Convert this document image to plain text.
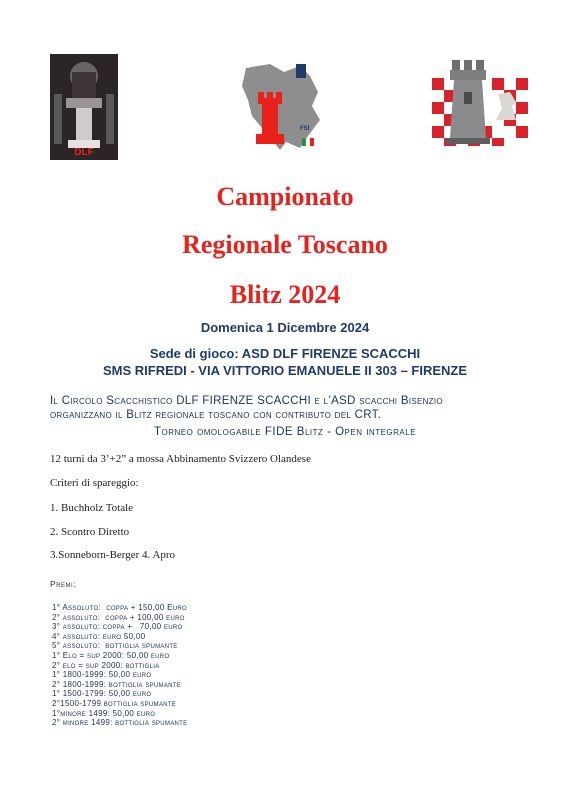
DLF
FSI
Campionato
Regionale Toscano
Blitz 2024
Domenica 1 Dicembre 2024
Sede di gioco: ASD DLF FIRENZE SCACCHI
SMS RIFREDI - VIA VITTORIO EMANUELE II 303 – FIRENZE
Il Circolo Scacchistico DLF FIRENZE SCACCHI e l’ASD scacchi Bisenzio
organizzano il Blitz regionale toscano con contributo del CRT.
Torneo omologabile FIDE Blitz - Open integrale
12 turni da 3’+2” a mossa Abbinamento Svizzero Olandese
Criteri di spareggio:
1. Buchholz Totale
2. Scontro Diretto
3.Sonneborn-Berger 4. Apro
Premi:
1° Assoluto:  coppa + 150,00 Euro
2° assoluto:  coppa + 100,00 euro
3° assoluto: coppa +   70,00 euro
4° assoluto: euro 50,00
5° assoluto:  bottiglia spumante
1° Elo = sup 2000: 50,00 euro
2° elo = sup 2000: bottiglia
1° 1800-1999: 50,00 euro
2° 1800-1999: bottiglia spumante
1° 1500-1799: 50,00 euro
2°1500-1799 bottiglia spumante
1°minore 1499: 50,00 euro
2° minore 1499: bottiglia spumante
